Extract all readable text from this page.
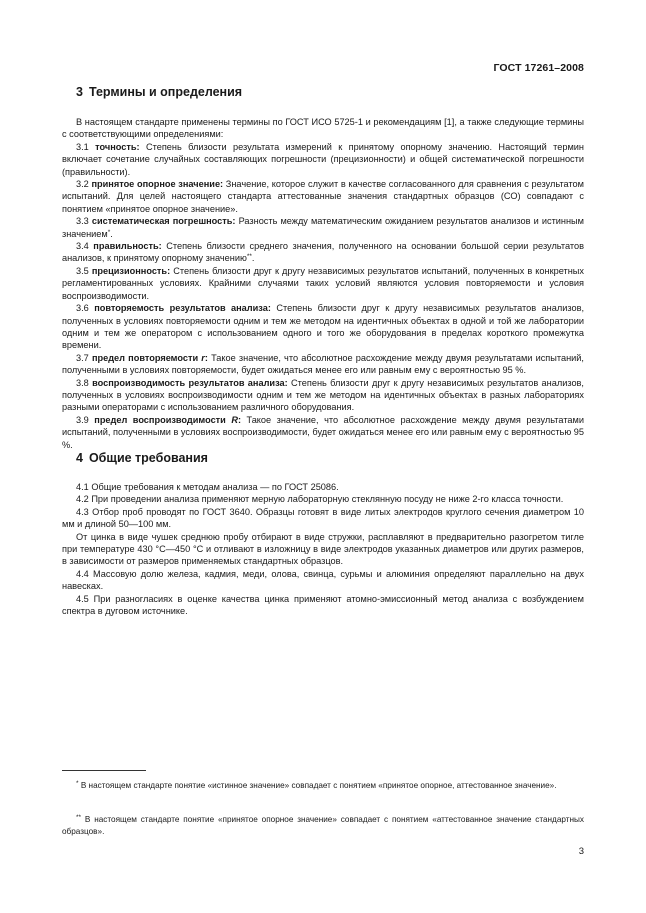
ГОСТ 17261–2008
3 Термины и определения

В настоящем стандарте применены термины по ГОСТ ИСО 5725-1 и рекомендациям [1], а также следующие термины с соответствующими определениями:

3.1 точность: Степень близости результата измерений к принятому опорному значению. Настоящий термин включает сочетание случайных составляющих погрешности (прецизионности) и общей систематической погрешности (правильности).

3.2 принятое опорное значение: Значение, которое служит в качестве согласованного для сравнения с результатом испытаний. Для целей настоящего стандарта аттестованные значения стандартных образцов (СО) совпадают с понятием «принятое опорное значение».

3.3 систематическая погрешность: Разность между математическим ожиданием результатов анализов и истинным значением*.

3.4 правильность: Степень близости среднего значения, полученного на основании большой серии результатов анализов, к принятому опорному значению**.

3.5 прецизионность: Степень близости друг к другу независимых результатов испытаний, полученных в конкретных регламентированных условиях. Крайними случаями таких условий являются условия повторяемости и условия воспроизводимости.

3.6 повторяемость результатов анализа: Степень близости друг к другу независимых результатов анализов, полученных в условиях повторяемости одним и тем же методом на идентичных объектах в одной и той же лаборатории одним и тем же оператором с использованием одного и того же оборудования в пределах короткого промежутка времени.

3.7 предел повторяемости r: Такое значение, что абсолютное расхождение между двумя результатами испытаний, полученными в условиях повторяемости, будет ожидаться менее его или равным ему с вероятностью 95 %.

3.8 воспроизводимость результатов анализа: Степень близости друг к другу независимых результатов анализов, полученных в условиях воспроизводимости одним и тем же методом на идентичных объектах в разных лабораториях разными операторами с использованием различного оборудования.

3.9 предел воспроизводимости R: Такое значение, что абсолютное расхождение между двумя результатами испытаний, полученными в условиях воспроизводимости, будет ожидаться менее его или равным ему с вероятностью 95 %.

4 Общие требования

4.1 Общие требования к методам анализа — по ГОСТ 25086.

4.2 При проведении анализа применяют мерную лабораторную стеклянную посуду не ниже 2-го класса точности.

4.3 Отбор проб проводят по ГОСТ 3640. Образцы готовят в виде литых электродов круглого сечения диаметром 10 мм и длиной 50—100 мм.

От цинка в виде чушек среднюю пробу отбирают в виде стружки, расплавляют в предварительно разогретом тигле при температуре 430 °С—450 °С и отливают в изложницу в виде электродов указанных диаметров или других размеров, в зависимости от размеров применяемых стандартных образцов.

4.4 Массовую долю железа, кадмия, меди, олова, свинца, сурьмы и алюминия определяют параллельно на двух навесках.

4.5 При разногласиях в оценке качества цинка применяют атомно-эмиссионный метод анализа с возбуждением спектра в дуговом источнике.

* В настоящем стандарте понятие «истинное значение» совпадает с понятием «принятое опорное, аттестованное значение».
** В настоящем стандарте понятие «принятое опорное значение» совпадает с понятием «аттестованное значение стандартных образцов».
3
